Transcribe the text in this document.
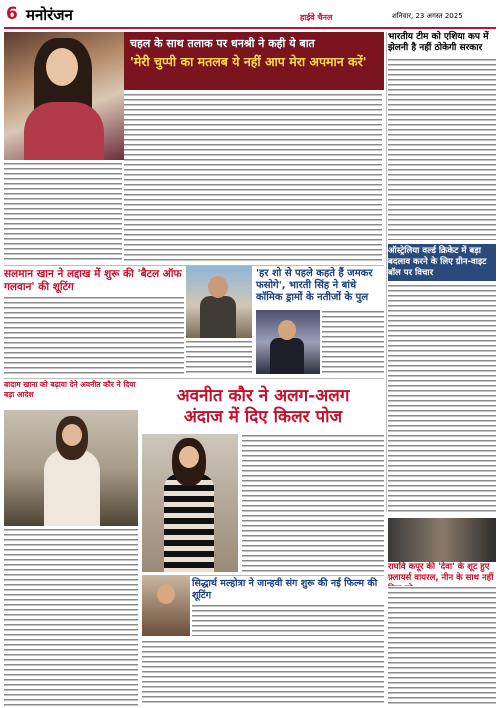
6 मनोरंजन	हाईवे चैनल	शनिवार, 23 अगस्त 2025
चहल के साथ तलाक पर धनश्री ने कही ये बात
'मेरी चुप्पी का मतलब ये नहीं आप मेरा अपमान करें'
भारतीय टीम को एशिया कप में झेलनी है नहीं ठोकेगी सरकार
ऑस्ट्रेलिया वर्ल्ड क्रिकेट में बड़ा बदलाव करने के लिए ग्रीन-वाइट बॉल पर विचार
सलमान खान ने लद्दाख में शुरू की 'बैटल ऑफ गलवान' की शूटिंग
'हर शो से पहले कहते हैं जमकर फसोगे', भारती सिंह ने बांधे कॉमिक ड्रामों के नतीजों के पुल
बादाम खाना को बढ़ावा देने अवनीत कौर ने दिया बड़ा आदेश	अवनीत कौर ने अलग-अलग
अंदाज में दिए किलर पोज
सिद्धार्थ मल्होत्रा ने जान्हवी संग शुरू की नई फिल्म की शूटिंग
राघवि कपूर की 'देवा' के शूट हुए फ़्लायर्स वायरल, नीन के साथ नहीं
